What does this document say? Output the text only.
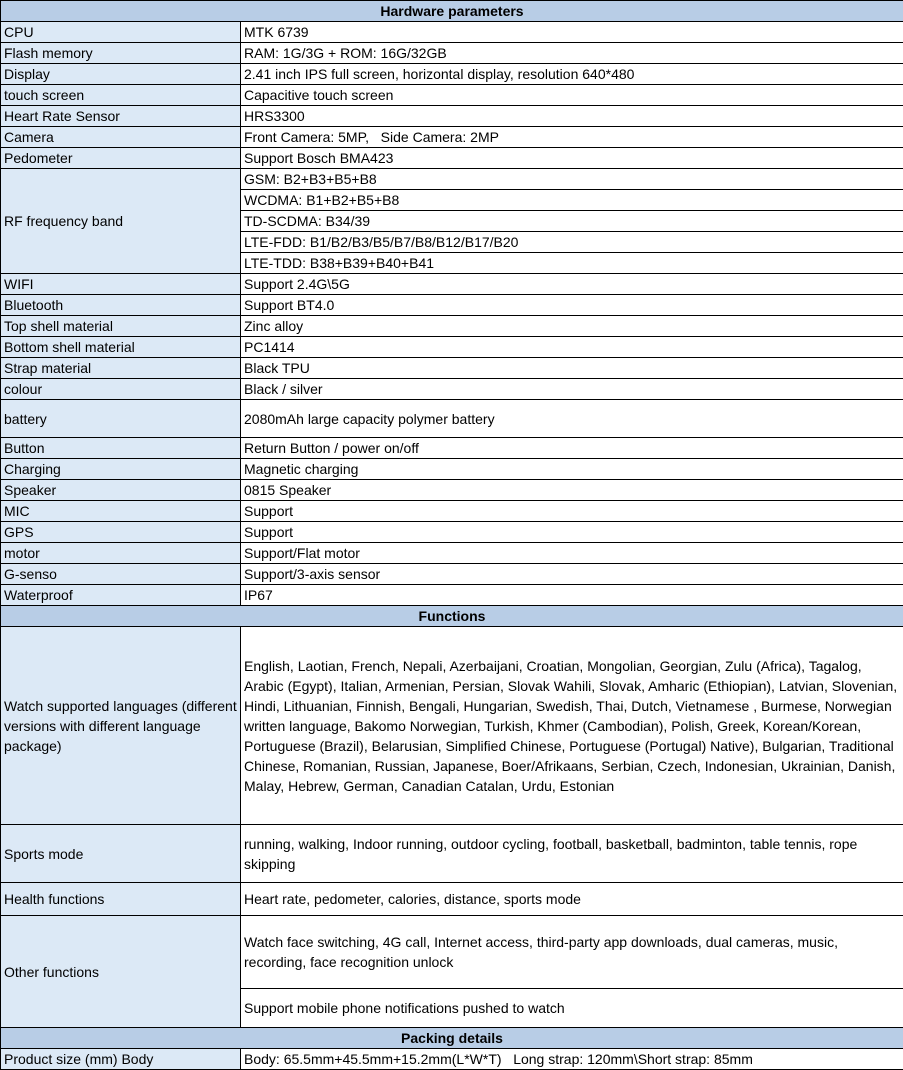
Hardware parameters	
CPU	MTK 6739
Flash memory	RAM: 1G/3G + ROM: 16G/32GB
Display	2.41 inch IPS full screen, horizontal display, resolution 640*480
touch screen	Capacitive touch screen
Heart Rate Sensor	HRS3300
Camera	Front Camera: 5MP,   Side Camera: 2MP
Pedometer	Support Bosch BMA423
RF frequency band	GSM: B2+B3+B5+B8
	WCDMA: B1+B2+B5+B8
	TD-SCDMA: B34/39
	LTE-FDD: B1/B2/B3/B5/B7/B8/B12/B17/B20
	LTE-TDD: B38+B39+B40+B41
WIFI	Support 2.4G\5G
Bluetooth	Support BT4.0
Top shell material	Zinc alloy
Bottom shell material	PC1414
Strap material	Black TPU
colour	Black / silver
battery	2080mAh large capacity polymer battery
Button	Return Button / power on/off
Charging	Magnetic charging
Speaker	0815 Speaker
MIC	Support
GPS	Support
motor	Support/Flat motor
G-senso	Support/3-axis sensor
Waterproof	IP67
Functions	
Watch supported languages (different versions with different language package)	English, Laotian, French, Nepali, Azerbaijani, Croatian, Mongolian, Georgian, Zulu (Africa), Tagalog, Arabic (Egypt), Italian, Armenian, Persian, Slovak Wahili, Slovak, Amharic (Ethiopian), Latvian, Slovenian, Hindi, Lithuanian, Finnish, Bengali, Hungarian, Swedish, Thai, Dutch, Vietnamese , Burmese, Norwegian written language, Bakomo Norwegian, Turkish, Khmer (Cambodian), Polish, Greek, Korean/Korean, Portuguese (Brazil), Belarusian, Simplified Chinese, Portuguese (Portugal) Native), Bulgarian, Traditional Chinese, Romanian, Russian, Japanese, Boer/Afrikaans, Serbian, Czech, Indonesian, Ukrainian, Danish, Malay, Hebrew, German, Canadian Catalan, Urdu, Estonian
Sports mode	running, walking, Indoor running, outdoor cycling, football, basketball, badminton, table tennis, rope skipping
Health functions	Heart rate, pedometer, calories, distance, sports mode
Other functions	Watch face switching, 4G call, Internet access, third-party app downloads, dual cameras, music, recording, face recognition unlock
	Support mobile phone notifications pushed to watch
Packing details	
Product size (mm) Body	Body: 65.5mm+45.5mm+15.2mm(L*W*T)   Long strap: 120mm\Short strap: 85mm
